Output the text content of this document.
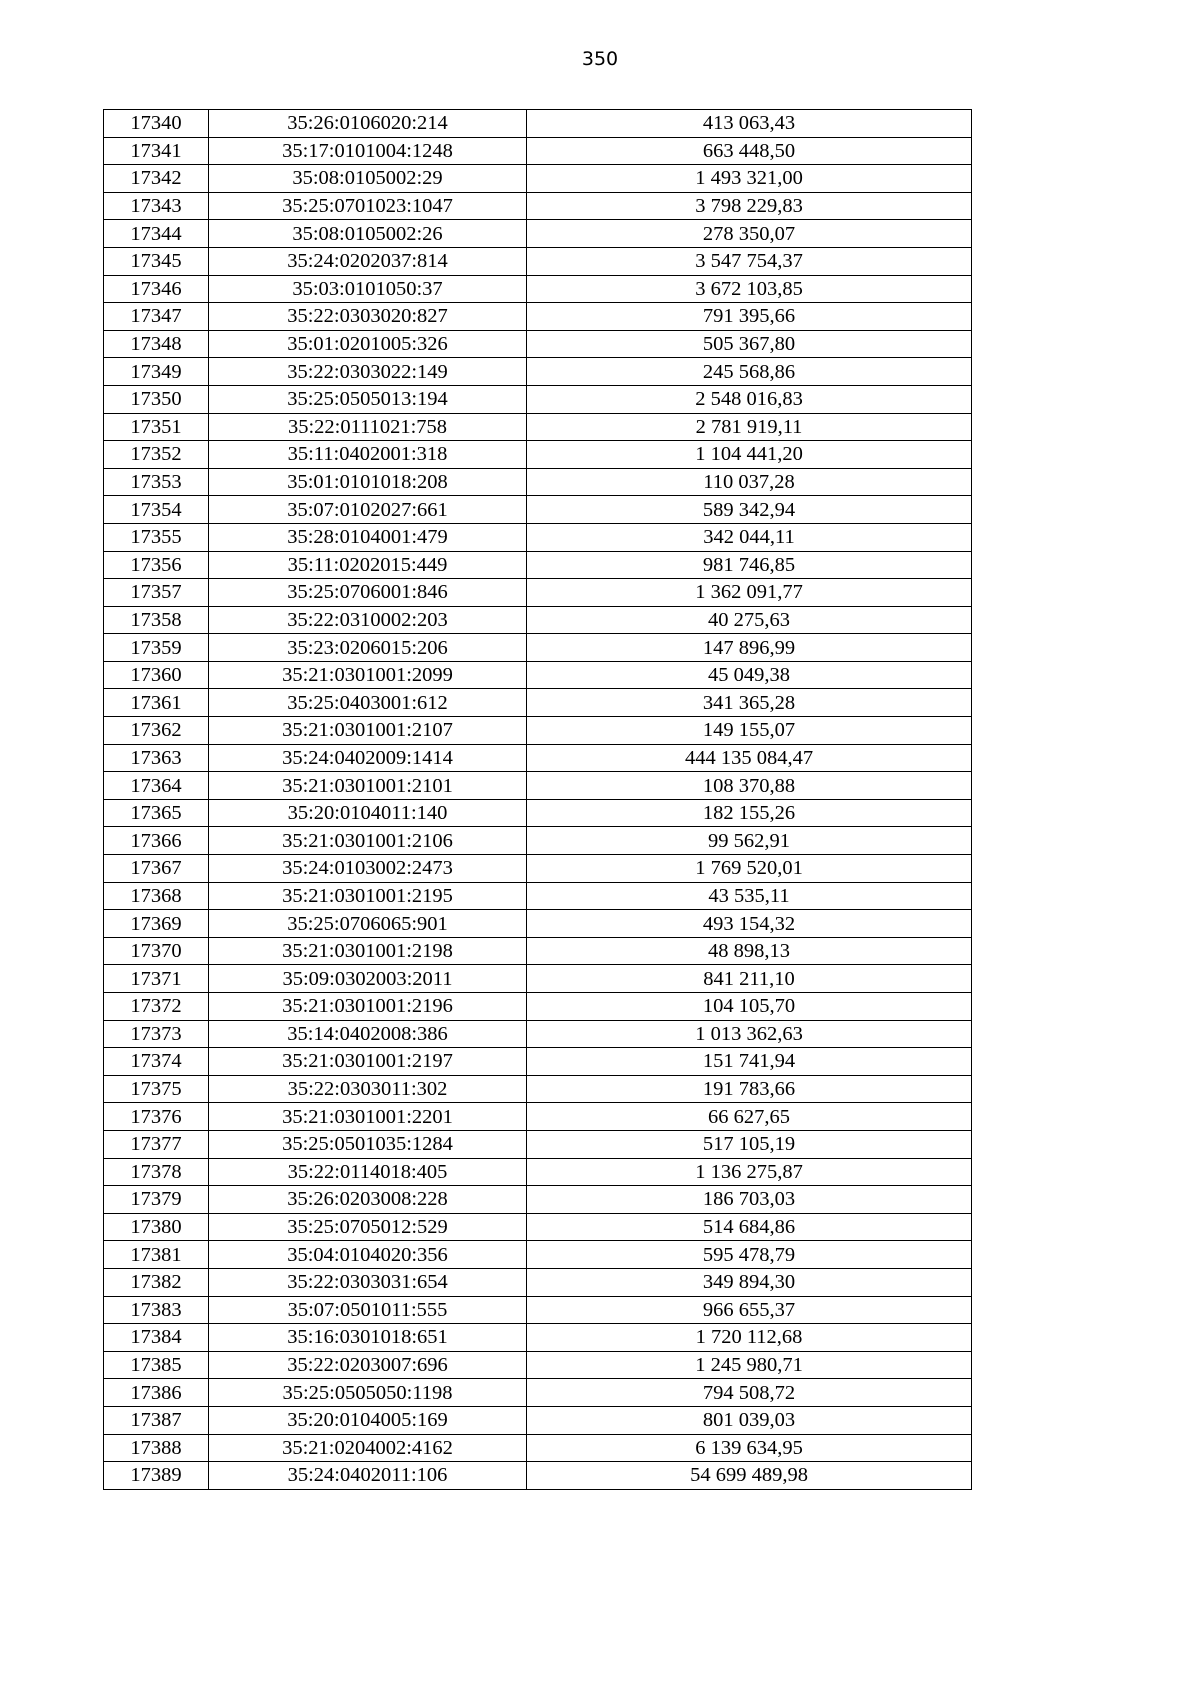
350
17340	35:26:0106020:214	413 063,43
17341	35:17:0101004:1248	663 448,50
17342	35:08:0105002:29	1 493 321,00
17343	35:25:0701023:1047	3 798 229,83
17344	35:08:0105002:26	278 350,07
17345	35:24:0202037:814	3 547 754,37
17346	35:03:0101050:37	3 672 103,85
17347	35:22:0303020:827	791 395,66
17348	35:01:0201005:326	505 367,80
17349	35:22:0303022:149	245 568,86
17350	35:25:0505013:194	2 548 016,83
17351	35:22:0111021:758	2 781 919,11
17352	35:11:0402001:318	1 104 441,20
17353	35:01:0101018:208	110 037,28
17354	35:07:0102027:661	589 342,94
17355	35:28:0104001:479	342 044,11
17356	35:11:0202015:449	981 746,85
17357	35:25:0706001:846	1 362 091,77
17358	35:22:0310002:203	40 275,63
17359	35:23:0206015:206	147 896,99
17360	35:21:0301001:2099	45 049,38
17361	35:25:0403001:612	341 365,28
17362	35:21:0301001:2107	149 155,07
17363	35:24:0402009:1414	444 135 084,47
17364	35:21:0301001:2101	108 370,88
17365	35:20:0104011:140	182 155,26
17366	35:21:0301001:2106	99 562,91
17367	35:24:0103002:2473	1 769 520,01
17368	35:21:0301001:2195	43 535,11
17369	35:25:0706065:901	493 154,32
17370	35:21:0301001:2198	48 898,13
17371	35:09:0302003:2011	841 211,10
17372	35:21:0301001:2196	104 105,70
17373	35:14:0402008:386	1 013 362,63
17374	35:21:0301001:2197	151 741,94
17375	35:22:0303011:302	191 783,66
17376	35:21:0301001:2201	66 627,65
17377	35:25:0501035:1284	517 105,19
17378	35:22:0114018:405	1 136 275,87
17379	35:26:0203008:228	186 703,03
17380	35:25:0705012:529	514 684,86
17381	35:04:0104020:356	595 478,79
17382	35:22:0303031:654	349 894,30
17383	35:07:0501011:555	966 655,37
17384	35:16:0301018:651	1 720 112,68
17385	35:22:0203007:696	1 245 980,71
17386	35:25:0505050:1198	794 508,72
17387	35:20:0104005:169	801 039,03
17388	35:21:0204002:4162	6 139 634,95
17389	35:24:0402011:106	54 699 489,98
